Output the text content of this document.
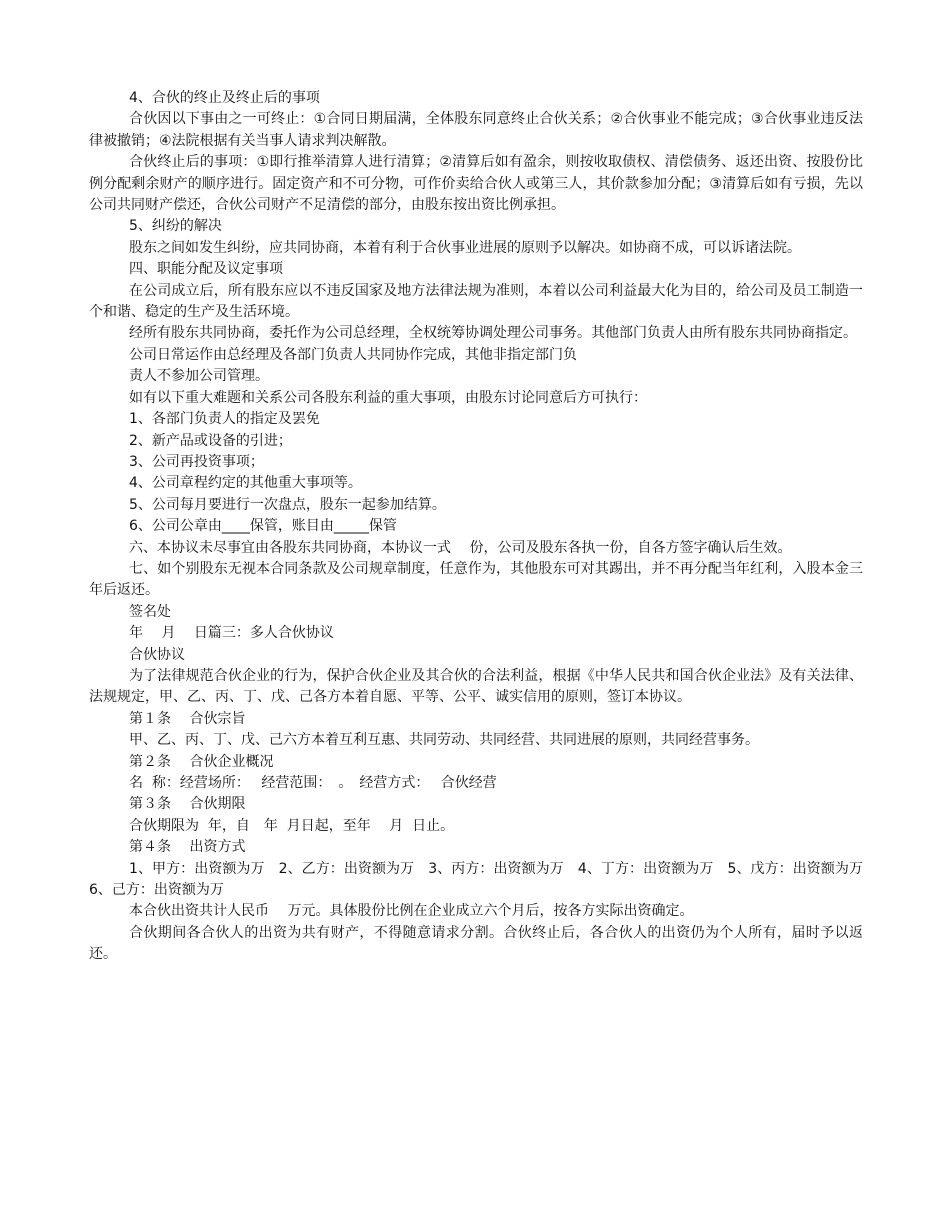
4、合伙的终止及终止后的事项

合伙因以下事由之一可终止：①合同日期届满，全体股东同意终止合伙关系；②合伙事业不能完成；③合伙事业违反法律被撤销；④法院根据有关当事人请求判决解散。

合伙终止后的事项：①即行推举清算人进行清算；②清算后如有盈余，则按收取债权、清偿债务、返还出资、按股份比例分配剩余财产的顺序进行。固定资产和不可分物，可作价卖给合伙人或第三人，其价款参加分配；③清算后如有亏损，先以公司共同财产偿还，合伙公司财产不足清偿的部分，由股东按出资比例承担。

5、纠纷的解决

股东之间如发生纠纷，应共同协商，本着有利于合伙事业进展的原则予以解决。如协商不成，可以诉诸法院。

四、职能分配及议定事项

在公司成立后，所有股东应以不违反国家及地方法律法规为准则，本着以公司利益最大化为目的，给公司及员工制造一个和谐、稳定的生产及生活环境。

经所有股东共同协商，委托作为公司总经理，全权统筹协调处理公司事务。其他部门负责人由所有股东共同协商指定。

公司日常运作由总经理及各部门负责人共同协作完成，其他非指定部门负

责人不参加公司管理。

如有以下重大难题和关系公司各股东利益的重大事项，由股东讨论同意后方可执行：

1、各部门负责人的指定及罢免

2、新产品或设备的引进；

3、公司再投资事项；

4、公司章程约定的其他重大事项等。

5、公司每月要进行一次盘点，股东一起参加结算。

6、公司公章由____保管，账目由_____保管

六、本协议未尽事宜由各股东共同协商，本协议一式　 份，公司及股东各执一份，自各方签字确认后生效。

七、如个别股东无视本合同条款及公司规章制度，任意作为，其他股东可对其踢出，并不再分配当年红利，入股本金三年后返还。

签名处

年　 月　 日篇三：多人合伙协议

合伙协议

为了法律规范合伙企业的行为，保护合伙企业及其合伙的合法利益，根据《中华人民共和国合伙企业法》及有关法律、法规规定，甲、乙、丙、丁、戊、己各方本着自愿、平等、公平、诚实信用的原则，签订本协议。

第１条　 合伙宗旨

甲、乙、丙、丁、戊、己六方本着互利互惠、共同劳动、共同经营、共同进展的原则，共同经营事务。

第２条　 合伙企业概况

名  称：经营场所：　 经营范围：　。　经营方式：　 合伙经营

第３条　 合伙期限

合伙期限为  年，自　年  月日起，至年　 月  日止。

第４条　 出资方式

1、甲方：出资额为万　2、乙方：出资额为万　3、丙方：出资额为万　4、丁方：出资额为万　5、戊方：出资额为万　6、己方：出资额为万

本合伙出资共计人民币　 万元。具体股份比例在企业成立六个月后，按各方实际出资确定。

合伙期间各合伙人的出资为共有财产，不得随意请求分割。合伙终止后，各合伙人的出资仍为个人所有，届时予以返还。
